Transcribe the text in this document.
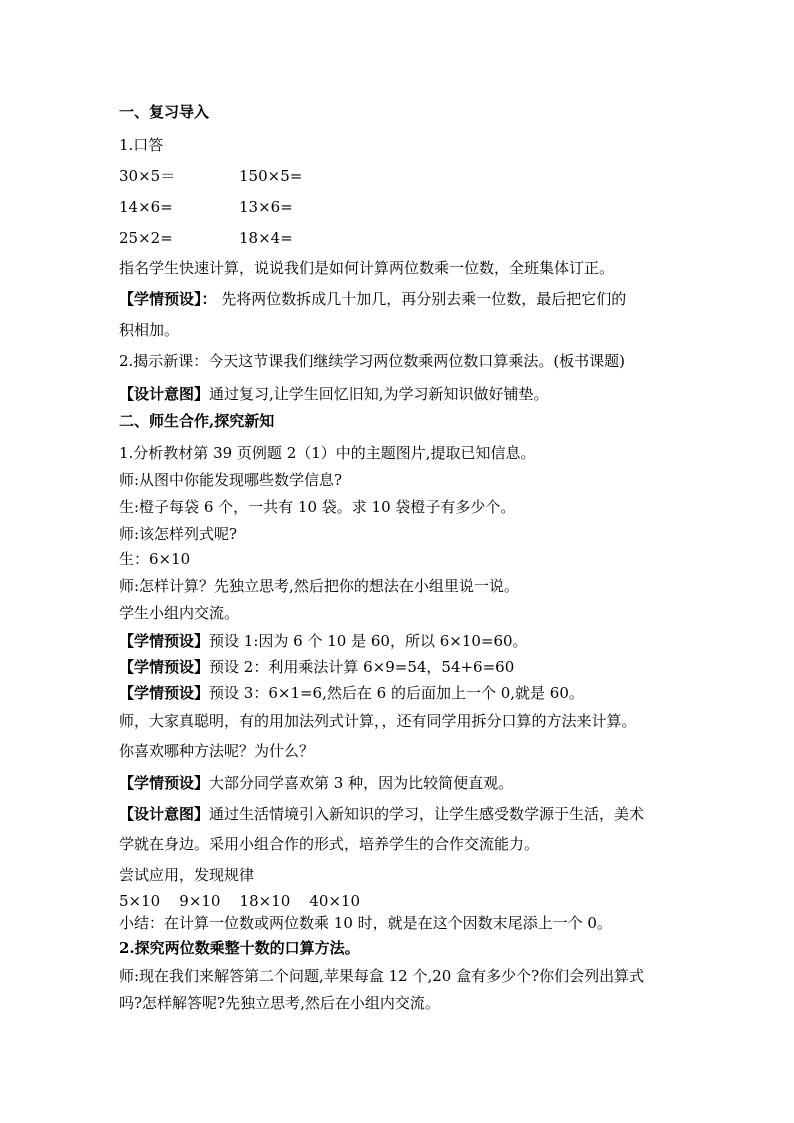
一、复习导入
1.口答
30×5＝	150×5=
14×6=	13×6=
25×2=	18×4=
指名学生快速计算，说说我们是如何计算两位数乘一位数，全班集体订正。
【学情预设】： 先将两位数拆成几十加几，再分别去乘一位数，最后把它们的
积相加。
2.揭示新课：今天这节课我们继续学习两位数乘两位数口算乘法。(板书课题)
【设计意图】通过复习,让学生回忆旧知,为学习新知识做好铺垫。
二、师生合作,探究新知
1.分析教材第 39 页例题 2（1）中的主题图片,提取已知信息。
师:从图中你能发现哪些数学信息?
生:橙子每袋 6 个，一共有 10 袋。求 10 袋橙子有多少个。
师:该怎样列式呢?
生：6×10
师:怎样计算？先独立思考,然后把你的想法在小组里说一说。
学生小组内交流。
【学情预设】预设 1:因为 6 个 10 是 60，所以 6×10=60。
【学情预设】预设 2：利用乘法计算 6×9=54，54+6=60
【学情预设】预设 3：6×1=6,然后在 6 的后面加上一个 0,就是 60。
师，大家真聪明，有的用加法列式计算，，还有同学用拆分口算的方法来计算。
你喜欢哪种方法呢？为什么？
【学情预设】大部分同学喜欢第 3 种，因为比较简便直观。
【设计意图】通过生活情境引入新知识的学习，让学生感受数学源于生活，美术
学就在身边。采用小组合作的形式，培养学生的合作交流能力。
尝试应用，发现规律
5×10    9×10    18×10    40×10
小结：在计算一位数或两位数乘 10 时，就是在这个因数末尾添上一个 0。
2.探究两位数乘整十数的口算方法。
师:现在我们来解答第二个问题,苹果每盒 12 个,20 盒有多少个?你们会列出算式
吗?怎样解答呢?先独立思考,然后在小组内交流。
